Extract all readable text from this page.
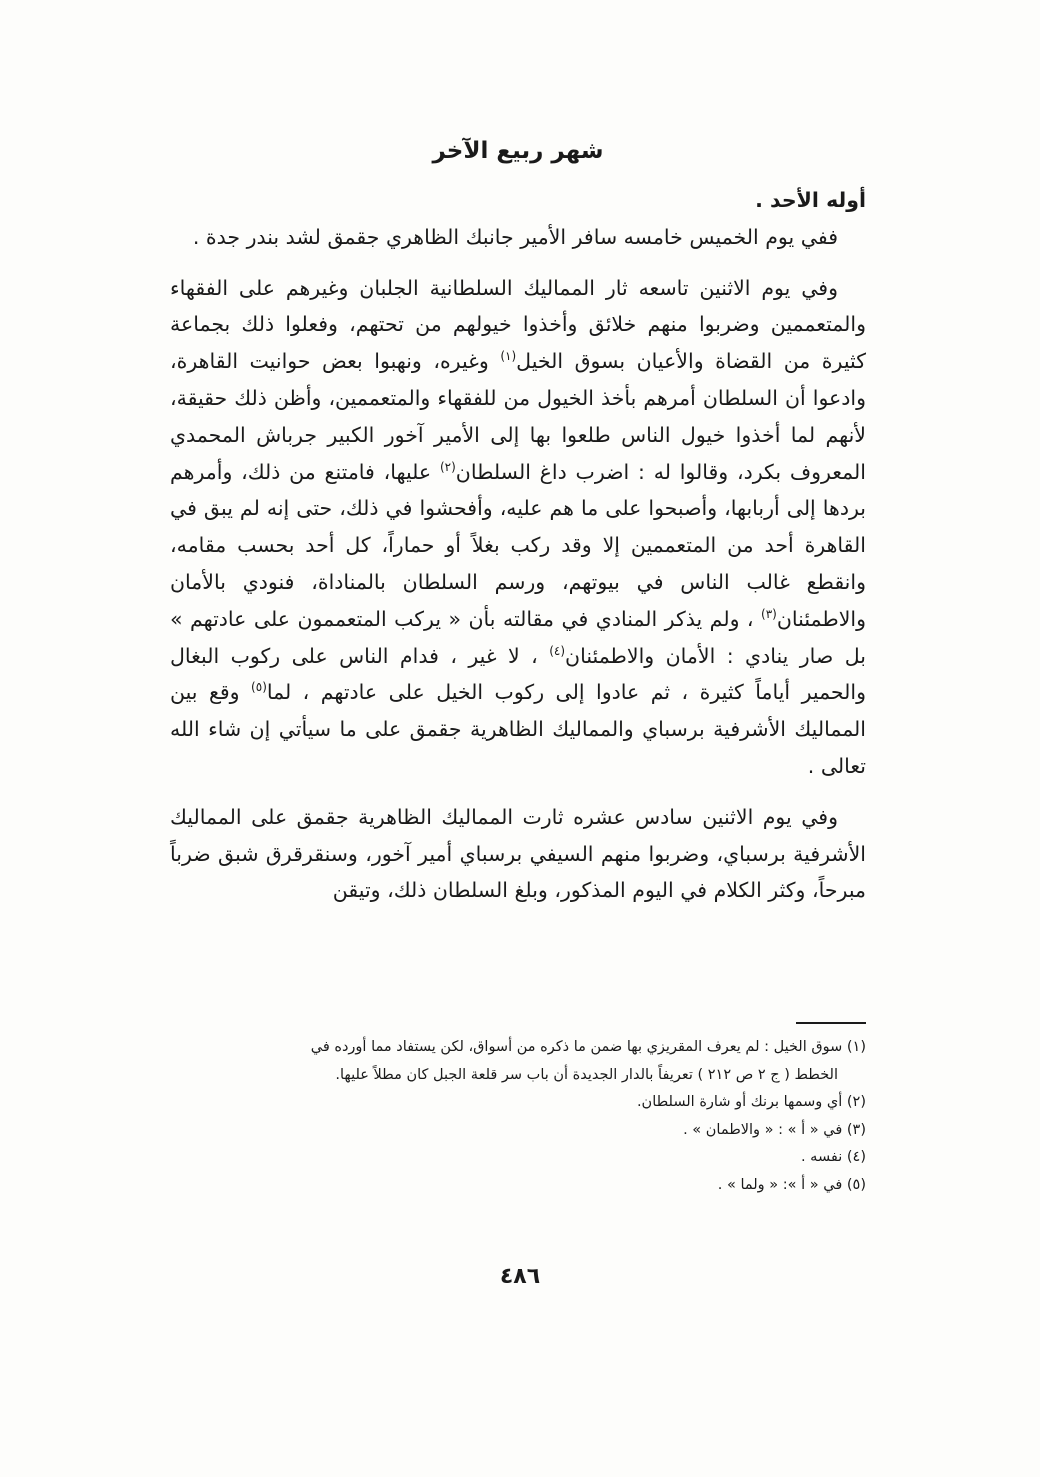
شهر ربيع الآخر

أوله الأحد .

ففي يوم الخميس خامسه سافر الأمير جانبك الظاهري جقمق لشد بندر جدة .

وفي يوم الاثنين تاسعه ثار المماليك السلطانية الجلبان وغيرهم على الفقهاء والمتعممين وضربوا منهم خلائق وأخذوا خيولهم من تحتهم، وفعلوا ذلك بجماعة كثيرة من القضاة والأعيان بسوق الخيل$^{(١)}$ وغيره، ونهبوا بعض حوانيت القاهرة، وادعوا أن السلطان أمرهم بأخذ الخيول من للفقهاء والمتعممين، وأظن ذلك حقيقة، لأنهم لما أخذوا خيول الناس طلعوا بها إلى الأمير آخور الكبير جرباش المحمدي المعروف بكرد، وقالوا له : اضرب داغ السلطان$^{(٢)}$ عليها، فامتنع من ذلك، وأمرهم بردها إلى أربابها، وأصبحوا على ما هم عليه، وأفحشوا في ذلك، حتى إنه لم يبق في القاهرة أحد من المتعممين إلا وقد ركب بغلاً أو حماراً، كل أحد بحسب مقامه، وانقطع غالب الناس في بيوتهم، ورسم السلطان بالمناداة، فنودي بالأمان والاطمئنان$^{(٣)}$ ، ولم يذكر المنادي في مقالته بأن « يركب المتعممون على عادتهم » بل صار ينادي : الأمان والاطمئنان$^{(٤)}$ ، لا غير ، فدام الناس على ركوب البغال والحمير أياماً كثيرة ، ثم عادوا إلى ركوب الخيل على عادتهم ، لما$^{(٥)}$ وقع بين المماليك الأشرفية برسباي والمماليك الظاهرية جقمق على ما سيأتي إن شاء الله تعالى .

وفي يوم الاثنين سادس عشره ثارت المماليك الظاهرية جقمق على المماليك الأشرفية برسباي، وضربوا منهم السيفي برسباي أمير آخور، وسنقرقرق شبق ضرباً مبرحاً، وكثر الكلام في اليوم المذكور، وبلغ السلطان ذلك، وتيقن

(١) سوق الخيل : لم يعرف المقريزي بها ضمن ما ذكره من أسواق، لكن يستفاد مما أورده في

الخطط ( ج ٢ ص ٢١٢ ) تعريفاً بالدار الجديدة أن باب سر قلعة الجبل كان مطلاً عليها.

(٢) أي وسمها برنك أو شارة السلطان.

(٣) في « أ » : « والاطمان » .

(٤) نفسه .

(٥) في « أ »: « ولما » .

٤٨٦
